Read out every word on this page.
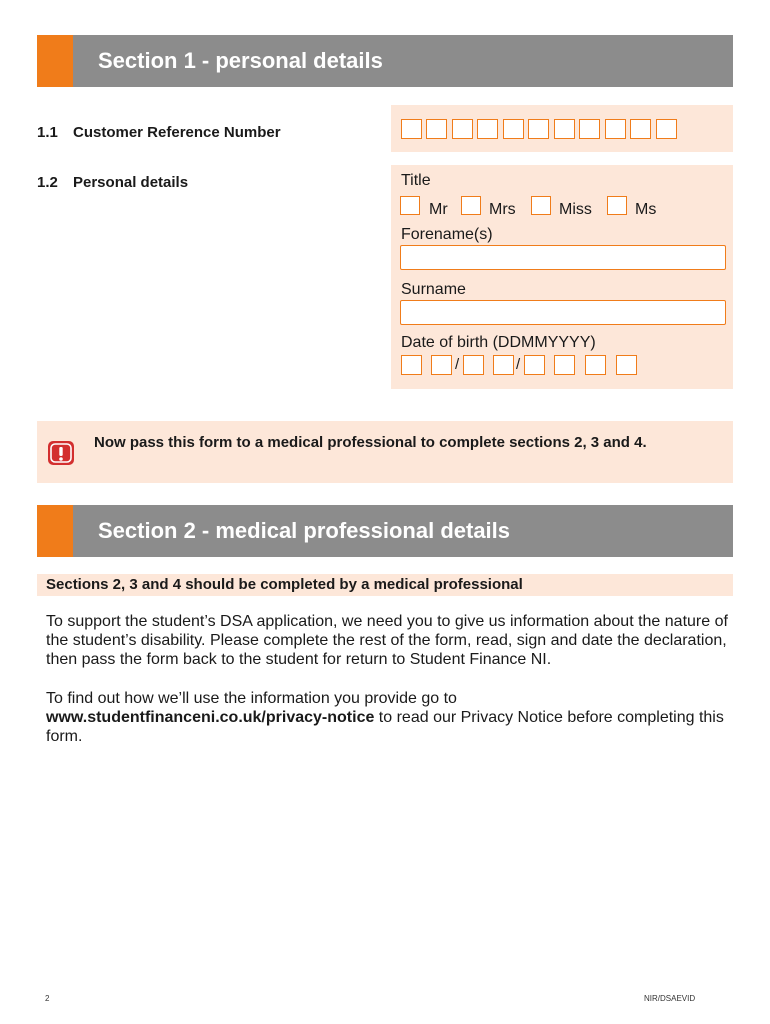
Section 1 - personal details
1.1 Customer Reference Number
1.2 Personal details	Title
Mr	Mrs	Miss	Ms
Forename(s)
Surname
Date of birth (DDMMYYYY)
/	/
Now pass this form to a medical professional to complete sections 2, 3 and 4.
Section 2 - medical professional details
Sections 2, 3 and 4 should be completed by a medical professional
To support the student’s DSA application, we need you to give us information about the nature of the student’s disability. Please complete the rest of the form, read, sign and date the declaration, then pass the form back to the student for return to Student Finance NI.
To find out how we’ll use the information you provide go to
www.studentfinanceni.co.uk/privacy-notice to read our Privacy Notice before completing this form.
2	NIR/DSAEVID
